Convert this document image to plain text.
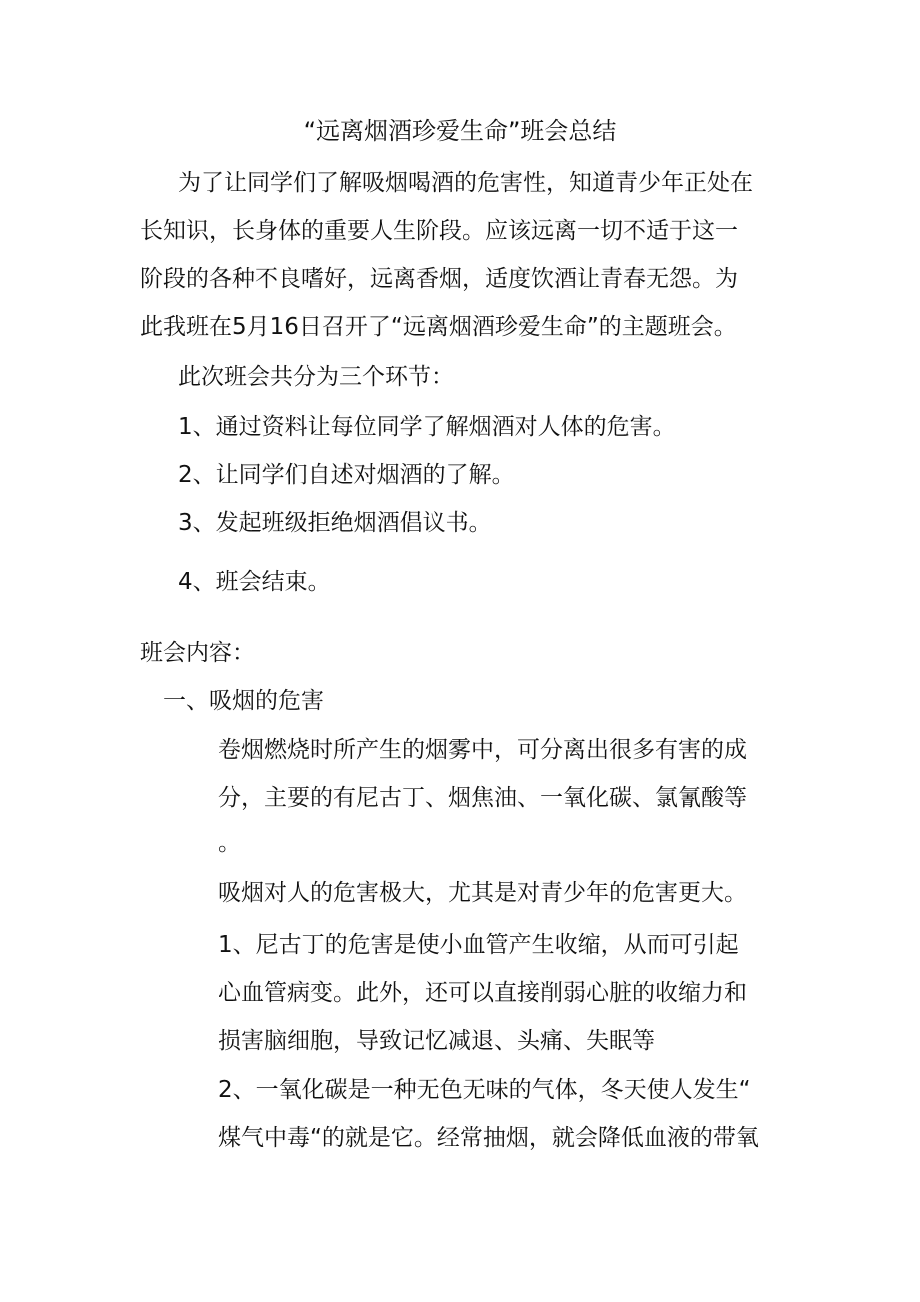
“远离烟酒珍爱生命”班会总结
为了让同学们了解吸烟喝酒的危害性，知道青少年正处在
长知识，长身体的重要人生阶段。应该远离一切不适于这一
阶段的各种不良嗜好，远离香烟，适度饮酒让青春无怨。为
此我班在5月16日召开了“远离烟酒珍爱生命”的主题班会。
此次班会共分为三个环节：
1、通过资料让每位同学了解烟酒对人体的危害。
2、让同学们自述对烟酒的了解。
3、发起班级拒绝烟酒倡议书。
4、班会结束。
班会内容：
一、吸烟的危害
卷烟燃烧时所产生的烟雾中，可分离出很多有害的成
分，主要的有尼古丁、烟焦油、一氧化碳、氯氰酸等
。
吸烟对人的危害极大，尤其是对青少年的危害更大。
1、尼古丁的危害是使小血管产生收缩，从而可引起
心血管病变。此外，还可以直接削弱心脏的收缩力和
损害脑细胞，导致记忆减退、头痛、失眠等
2、一氧化碳是一种无色无味的气体，冬天使人发生“
煤气中毒“的就是它。经常抽烟，就会降低血液的带氧
